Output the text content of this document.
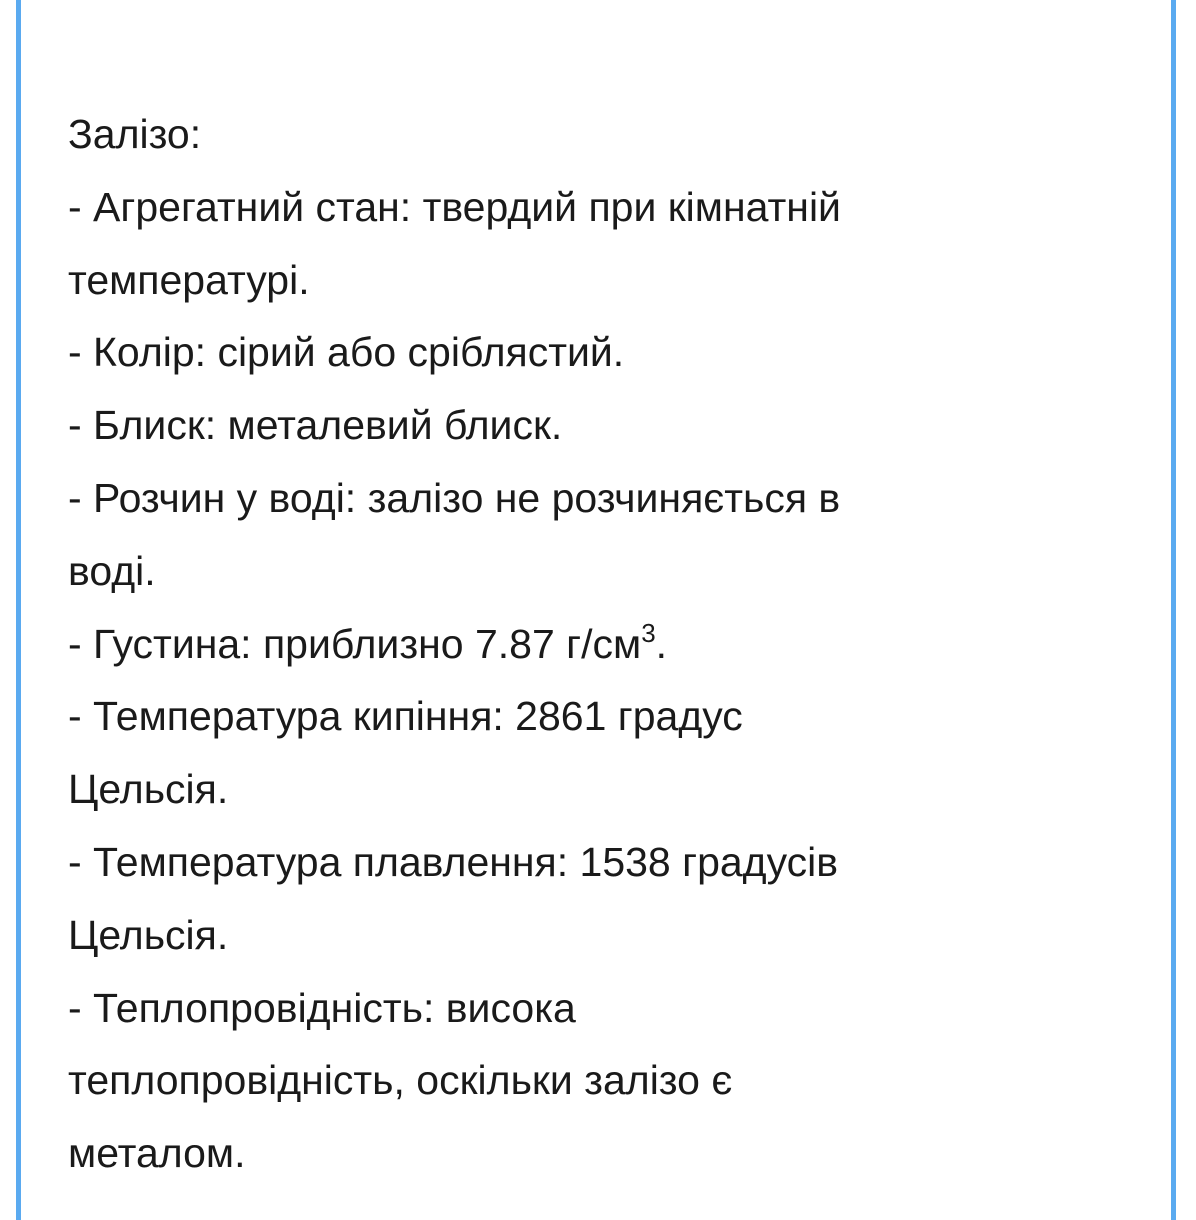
Залізо:
- Агрегатний стан: твердий при кімнатній
температурі.
- Колір: сірий або сріблястий.
- Блиск: металевий блиск.
- Розчин у воді: залізо не розчиняється в
воді.
- Густина: приблизно 7.87 $г/см^3$.
- Температура кипіння: 2861 градус
Цельсія.
- Температура плавлення: 1538 градусів
Цельсія.
- Теплопровідність: висока
теплопровідність, оскільки залізо є
металом.
